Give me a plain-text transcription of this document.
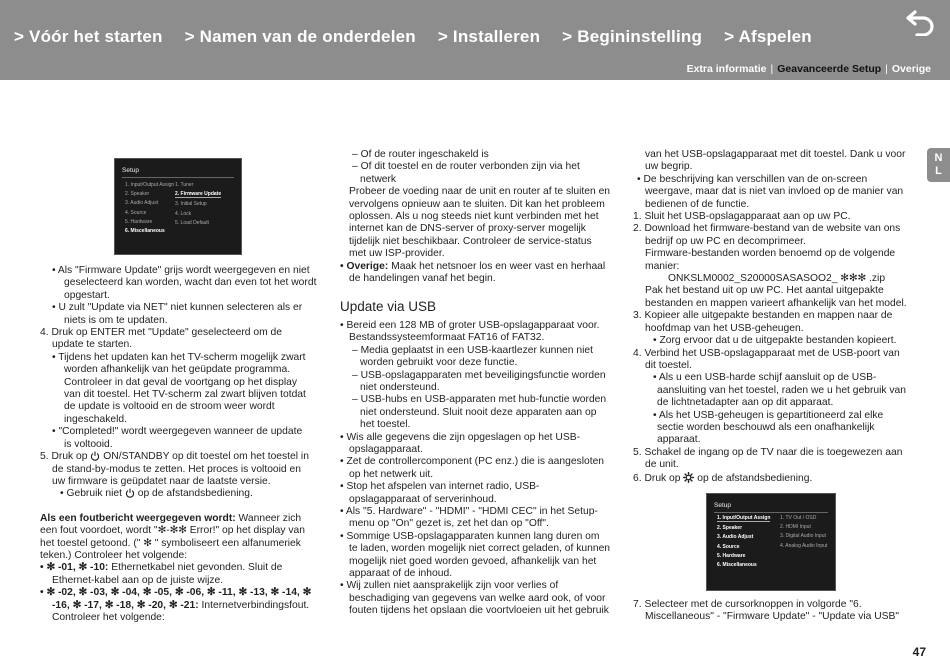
> Vóór het starten > Namen van de onderdelen > Installeren > Begininstelling > Afspelen
Extra informatie | Geavanceerde Setup | Overige
N
L
Setup
1. Input/Output Assign
2. Speaker
3. Audio Adjust
4. Source
5. Hardware
6. Miscellaneous
1. Tuner
2. Firmware Update
3. Initial Setup
4. Lock
5. Load Default
• Als "Firmware Update" grijs wordt weergegeven en niet
geselecteerd kan worden, wacht dan even tot het wordt
opgestart.
• U zult "Update via NET" niet kunnen selecteren als er
niets is om te updaten.
4. Druk op ENTER met "Update" geselecteerd om de
update te starten.
• Tijdens het updaten kan het TV-scherm mogelijk zwart
worden afhankelijk van het geüpdate programma.
Controleer in dat geval de voortgang op het display
van dit toestel. Het TV-scherm zal zwart blijven totdat
de update is voltooid en de stroom weer wordt
ingeschakeld.
• "Completed!" wordt weergegeven wanneer de update
is voltooid.
5. Druk op ON/STANDBY op dit toestel om het toestel in
de stand-by-modus te zetten. Het proces is voltooid en
uw firmware is geüpdatet naar de laatste versie.
• Gebruik niet op de afstandsbediening.
Als een foutbericht weergegeven wordt: Wanneer zich
een fout voordoet, wordt "✻-✻✻ Error!" op het display van
het toestel getoond. (" ✻ " symboliseert een alfanumeriek
teken.) Controleer het volgende:
• ✻ -01, ✻ -10: Ethernetkabel niet gevonden. Sluit de
Ethernet-kabel aan op de juiste wijze.
• ✻ -02, ✻ -03, ✻ -04, ✻ -05, ✻ -06, ✻ -11, ✻ -13, ✻ -14, ✻
-16, ✻ -17, ✻ -18, ✻ -20, ✻ -21: Internetverbindingsfout.
Controleer het volgende:
– Of de router ingeschakeld is
– Of dit toestel en de router verbonden zijn via het
netwerk
Probeer de voeding naar de unit en router af te sluiten en
vervolgens opnieuw aan te sluiten. Dit kan het probleem
oplossen. Als u nog steeds niet kunt verbinden met het
internet kan de DNS-server of proxy-server mogelijk
tijdelijk niet beschikbaar. Controleer de service-status
met uw ISP-provider.
• Overige: Maak het netsnoer los en weer vast en herhaal
de handelingen vanaf het begin.
Update via USB
• Bereid een 128 MB of groter USB-opslagapparaat voor.
Bestandssysteemformaat FAT16 of FAT32.
– Media geplaatst in een USB-kaartlezer kunnen niet
worden gebruikt voor deze functie.
– USB-opslagapparaten met beveiligingsfunctie worden
niet ondersteund.
– USB-hubs en USB-apparaten met hub-functie worden
niet ondersteund. Sluit nooit deze apparaten aan op
het toestel.
• Wis alle gegevens die zijn opgeslagen op het USB-
opslagapparaat.
• Zet de controllercomponent (PC enz.) die is aangesloten
op het netwerk uit.
• Stop het afspelen van internet radio, USB-
opslagapparaat of serverinhoud.
• Als "5. Hardware" - "HDMI" - "HDMI CEC" in het Setup-
menu op "On" gezet is, zet het dan op "Off".
• Sommige USB-opslagapparaten kunnen lang duren om
te laden, worden mogelijk niet correct geladen, of kunnen
mogelijk niet goed worden gevoed, afhankelijk van het
apparaat of de inhoud.
• Wij zullen niet aansprakelijk zijn voor verlies of
beschadiging van gegevens van welke aard ook, of voor
fouten tijdens het opslaan die voortvloeien uit het gebruik
van het USB-opslagapparaat met dit toestel. Dank u voor
uw begrip.
• De beschrijving kan verschillen van de on-screen
weergave, maar dat is niet van invloed op de manier van
bedienen of de functie.
1. Sluit het USB-opslagapparaat aan op uw PC.
2. Download het firmware-bestand van de website van ons
bedrijf op uw PC en decomprimeer.
Firmware-bestanden worden benoemd op de volgende
manier:
ONKSLM0002_S20000SASASOO2_ ✻✻✻ .zip
Pak het bestand uit op uw PC. Het aantal uitgepakte
bestanden en mappen varieert afhankelijk van het model.
3. Kopieer alle uitgepakte bestanden en mappen naar de
hoofdmap van het USB-geheugen.
• Zorg ervoor dat u de uitgepakte bestanden kopieert.
4. Verbind het USB-opslagapparaat met de USB-poort van
dit toestel.
• Als u een USB-harde schijf aansluit op de USB-
aansluiting van het toestel, raden we u het gebruik van
de lichtnetadapter aan op dit apparaat.
• Als het USB-geheugen is gepartitioneerd zal elke
sectie worden beschouwd als een onafhankelijk
apparaat.
5. Schakel de ingang op de TV naar die is toegewezen aan
de unit.
6. Druk op op de afstandsbediening.
Setup
1. Input/Output Assign
2. Speaker
3. Audio Adjust
4. Source
5. Hardware
6. Miscellaneous
1. TV Out / OSD
2. HDMI Input
3. Digital Audio Input
4. Analog Audio Input
7. Selecteer met de cursorknoppen in volgorde "6.
Miscellaneous" - "Firmware Update" - "Update via USB"
47
